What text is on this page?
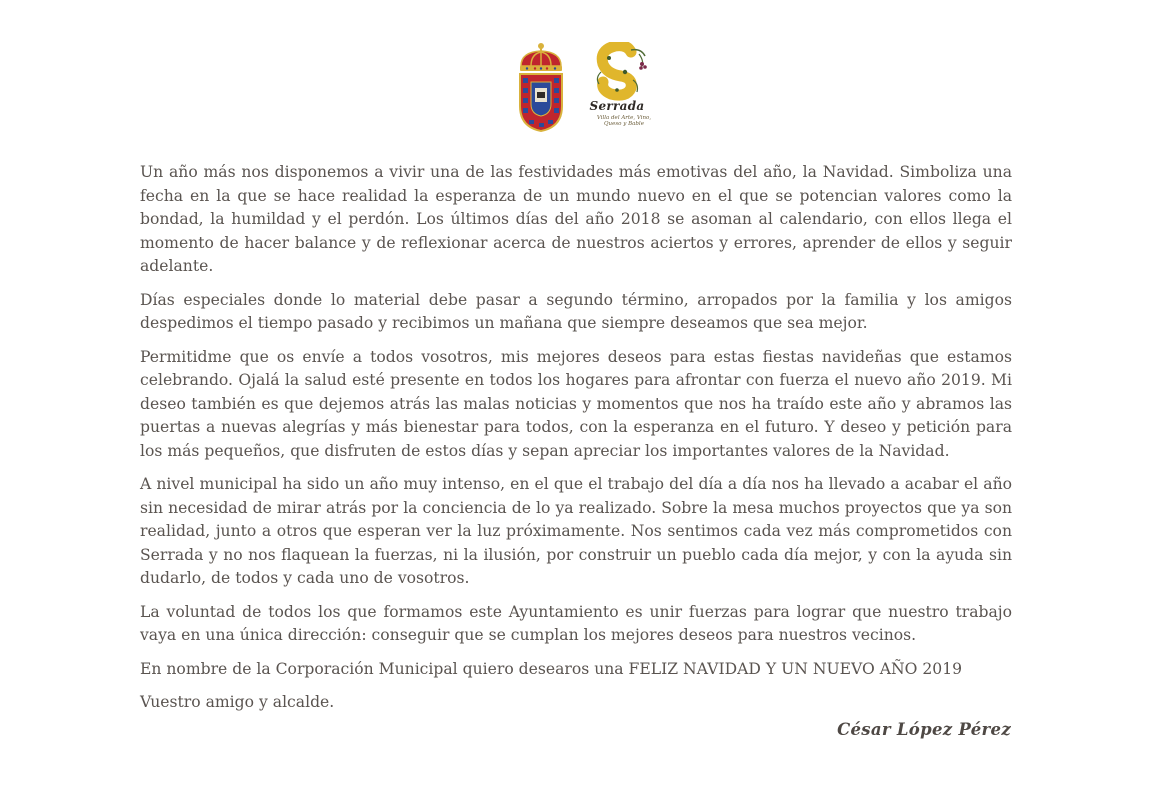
Serrada
Villa del Arte, Vino, Queso y Bable

Un año más nos disponemos a vivir una de las festividades más emotivas del año, la Navidad. Simboliza una fecha en la que se hace realidad la esperanza de un mundo nuevo en el que se potencian valores como la bondad, la humildad y el perdón. Los últimos días del año 2018 se asoman al calendario, con ellos llega el momento de hacer balance y de reflexionar acerca de nuestros aciertos y errores, aprender de ellos y seguir adelante.

Días especiales donde lo material debe pasar a segundo término, arropados por la familia y los amigos despedimos el tiempo pasado y recibimos un mañana que siempre deseamos que sea mejor.

Permitidme que os envíe a todos vosotros, mis mejores deseos para estas fiestas navideñas que estamos celebrando. Ojalá la salud esté presente en todos los hogares para afrontar con fuerza el nuevo año 2019. Mi deseo también es que dejemos atrás las malas noticias y momentos que nos ha traído este año y abramos las puertas a nuevas alegrías y más bienestar para todos, con la esperanza en el futuro. Y deseo y petición para los más pequeños, que disfruten de estos días y sepan apreciar los importantes valores de la Navidad.

A nivel municipal ha sido un año muy intenso, en el que el trabajo del día a día nos ha llevado a acabar el año sin necesidad de mirar atrás por la conciencia de lo ya realizado. Sobre la mesa muchos proyectos que ya son realidad, junto a otros que esperan ver la luz próximamente. Nos sentimos cada vez más comprometidos con Serrada y no nos flaquean la fuerzas, ni la ilusión, por construir un pueblo cada día mejor, y con la ayuda sin dudarlo, de todos y cada uno de vosotros.

La voluntad de todos los que formamos este Ayuntamiento es unir fuerzas para lograr que nuestro trabajo vaya en una única dirección: conseguir que se cumplan los mejores deseos para nuestros vecinos.

En nombre de la Corporación Municipal quiero desearos una FELIZ NAVIDAD Y UN NUEVO AÑO 2019

Vuestro amigo y alcalde.

César López Pérez
